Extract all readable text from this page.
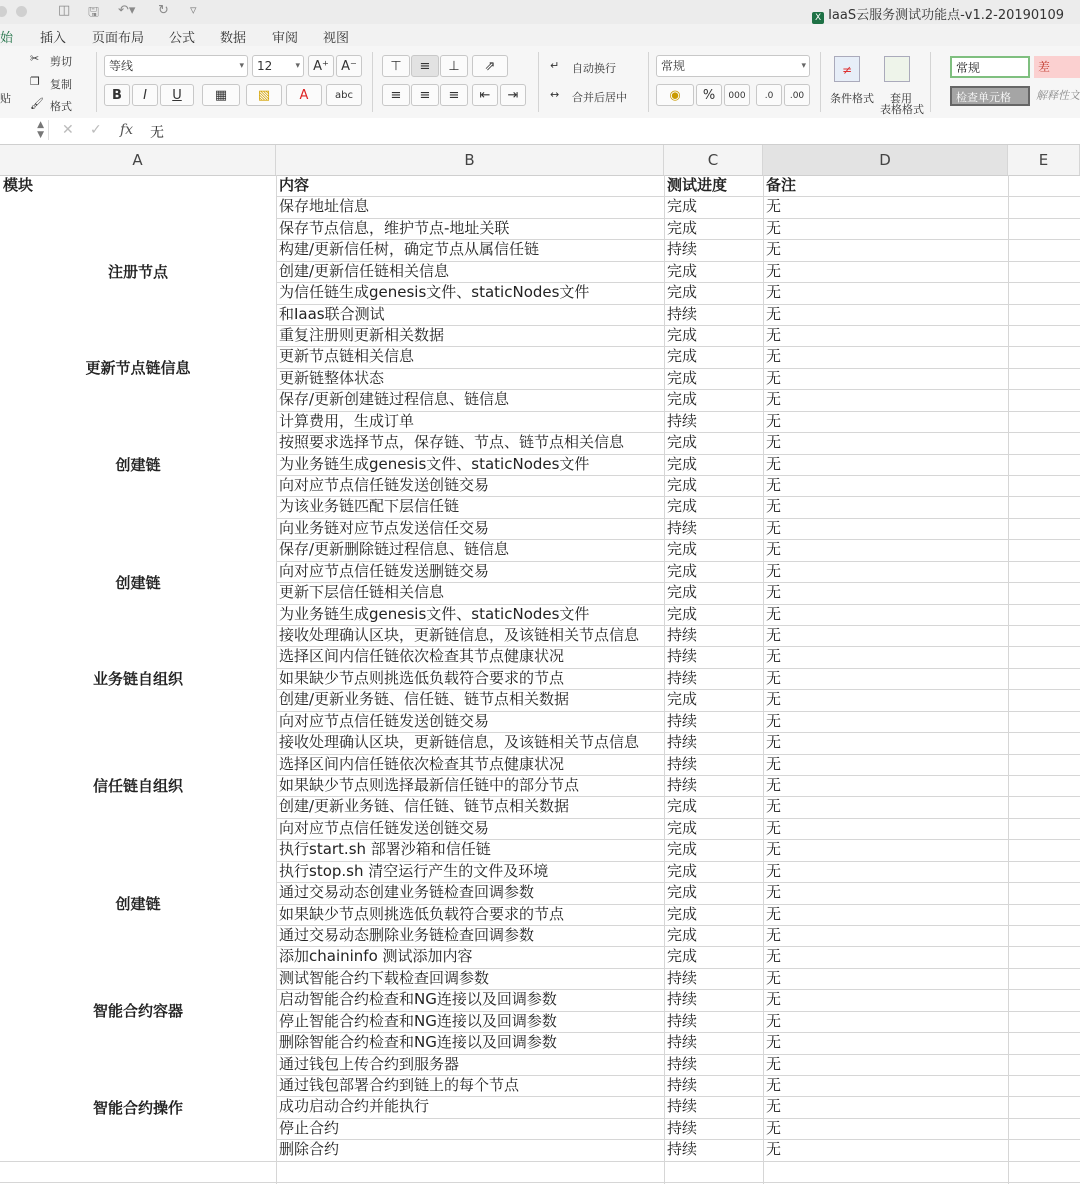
◫ 🖫 ↶▾ ↻ ▿	X IaaS云服务测试功能点-v1.2-20190109
始 插入 页面布局 公式 数据 审阅 视图
贴
✂ 剪切
❐ 复制
🖌 格式
等线	▾	12	▾	A⁺ A⁻
B	I	U	▦	▧	A	abc
⊤	≡	⊥	⇗
≡	≡	≡	⇤	⇥
↵ 自动换行
↔ 合并后居中
常规	▾
◉	%	000	.0	.00
≠
条件格式 套用
表格格式
常规	差
检查单元格	解释性文
▲
▼ ✕ ✓ fx 无
A	B	C	D	E
模块	内容	测试进度	备注
注册节点
保存地址信息	完成	无
保存节点信息，维护节点-地址关联	完成	无
构建/更新信任树，确定节点从属信任链	持续	无
创建/更新信任链相关信息	完成	无
为信任链生成genesis文件、staticNodes文件	完成	无
和Iaas联合测试	持续	无
重复注册则更新相关数据	完成	无
更新节点链信息
更新节点链相关信息	完成	无
更新链整体状态	完成	无
创建链
保存/更新创建链过程信息、链信息	完成	无
计算费用，生成订单	持续	无
按照要求选择节点，保存链、节点、链节点相关信息	完成	无
为业务链生成genesis文件、staticNodes文件	完成	无
向对应节点信任链发送创链交易	完成	无
为该业务链匹配下层信任链	完成	无
向业务链对应节点发送信任交易	持续	无
创建链
保存/更新删除链过程信息、链信息	完成	无
向对应节点信任链发送删链交易	完成	无
更新下层信任链相关信息	完成	无
为业务链生成genesis文件、staticNodes文件	完成	无
业务链自组织
接收处理确认区块，更新链信息，及该链相关节点信息	持续	无
选择区间内信任链依次检查其节点健康状况	持续	无
如果缺少节点则挑选低负载符合要求的节点	持续	无
创建/更新业务链、信任链、链节点相关数据	完成	无
向对应节点信任链发送创链交易	持续	无
信任链自组织
接收处理确认区块，更新链信息，及该链相关节点信息	持续	无
选择区间内信任链依次检查其节点健康状况	持续	无
如果缺少节点则选择最新信任链中的部分节点	持续	无
创建/更新业务链、信任链、链节点相关数据	完成	无
向对应节点信任链发送创链交易	完成	无
创建链
执行start.sh 部署沙箱和信任链	完成	无
执行stop.sh 清空运行产生的文件及环境	完成	无
通过交易动态创建业务链检查回调参数	完成	无
如果缺少节点则挑选低负载符合要求的节点	完成	无
通过交易动态删除业务链检查回调参数	完成	无
添加chaininfo 测试添加内容	完成	无
智能合约容器
测试智能合约下载检查回调参数	持续	无
启动智能合约检查和NG连接以及回调参数	持续	无
停止智能合约检查和NG连接以及回调参数	持续	无
删除智能合约检查和NG连接以及回调参数	持续	无
智能合约操作
通过钱包上传合约到服务器	持续	无
通过钱包部署合约到链上的每个节点	持续	无
成功启动合约并能执行	持续	无
停止合约	持续	无
删除合约	持续	无
